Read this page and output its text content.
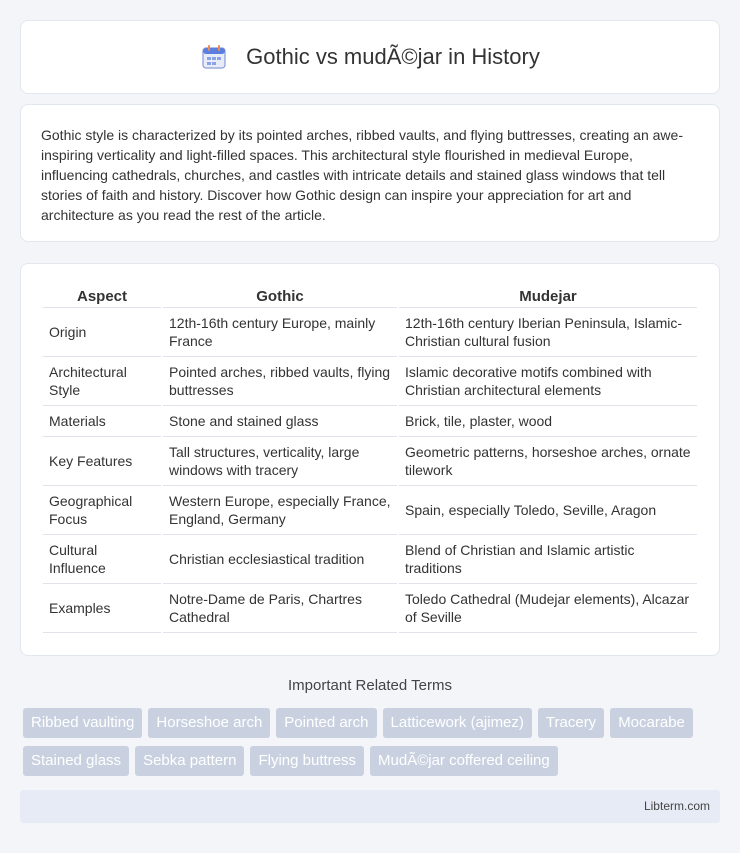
Gothic vs mudÃ©jar in History

Gothic style is characterized by its pointed arches, ribbed vaults, and flying buttresses, creating an awe-inspiring verticality and light-filled spaces. This architectural style flourished in medieval Europe, influencing cathedrals, churches, and castles with intricate details and stained glass windows that tell stories of faith and history. Discover how Gothic design can inspire your appreciation for art and architecture as you read the rest of the article.

Aspect	Gothic	Mudejar
Origin	12th-16th century Europe, mainly France	12th-16th century Iberian Peninsula, Islamic-Christian cultural fusion
Architectural Style	Pointed arches, ribbed vaults, flying buttresses	Islamic decorative motifs combined with Christian architectural elements
Materials	Stone and stained glass	Brick, tile, plaster, wood
Key Features	Tall structures, verticality, large windows with tracery	Geometric patterns, horseshoe arches, ornate tilework
Geographical Focus	Western Europe, especially France, England, Germany	Spain, especially Toledo, Seville, Aragon
Cultural Influence	Christian ecclesiastical tradition	Blend of Christian and Islamic artistic traditions
Examples	Notre-Dame de Paris, Chartres Cathedral	Toledo Cathedral (Mudejar elements), Alcazar of Seville
Important Related Terms
Ribbed vaulting	Horseshoe arch	Pointed arch	Latticework (ajimez)	Tracery	Mocarabe
Stained glass	Sebka pattern	Flying buttress	MudÃ©jar coffered ceiling
Libterm.com
